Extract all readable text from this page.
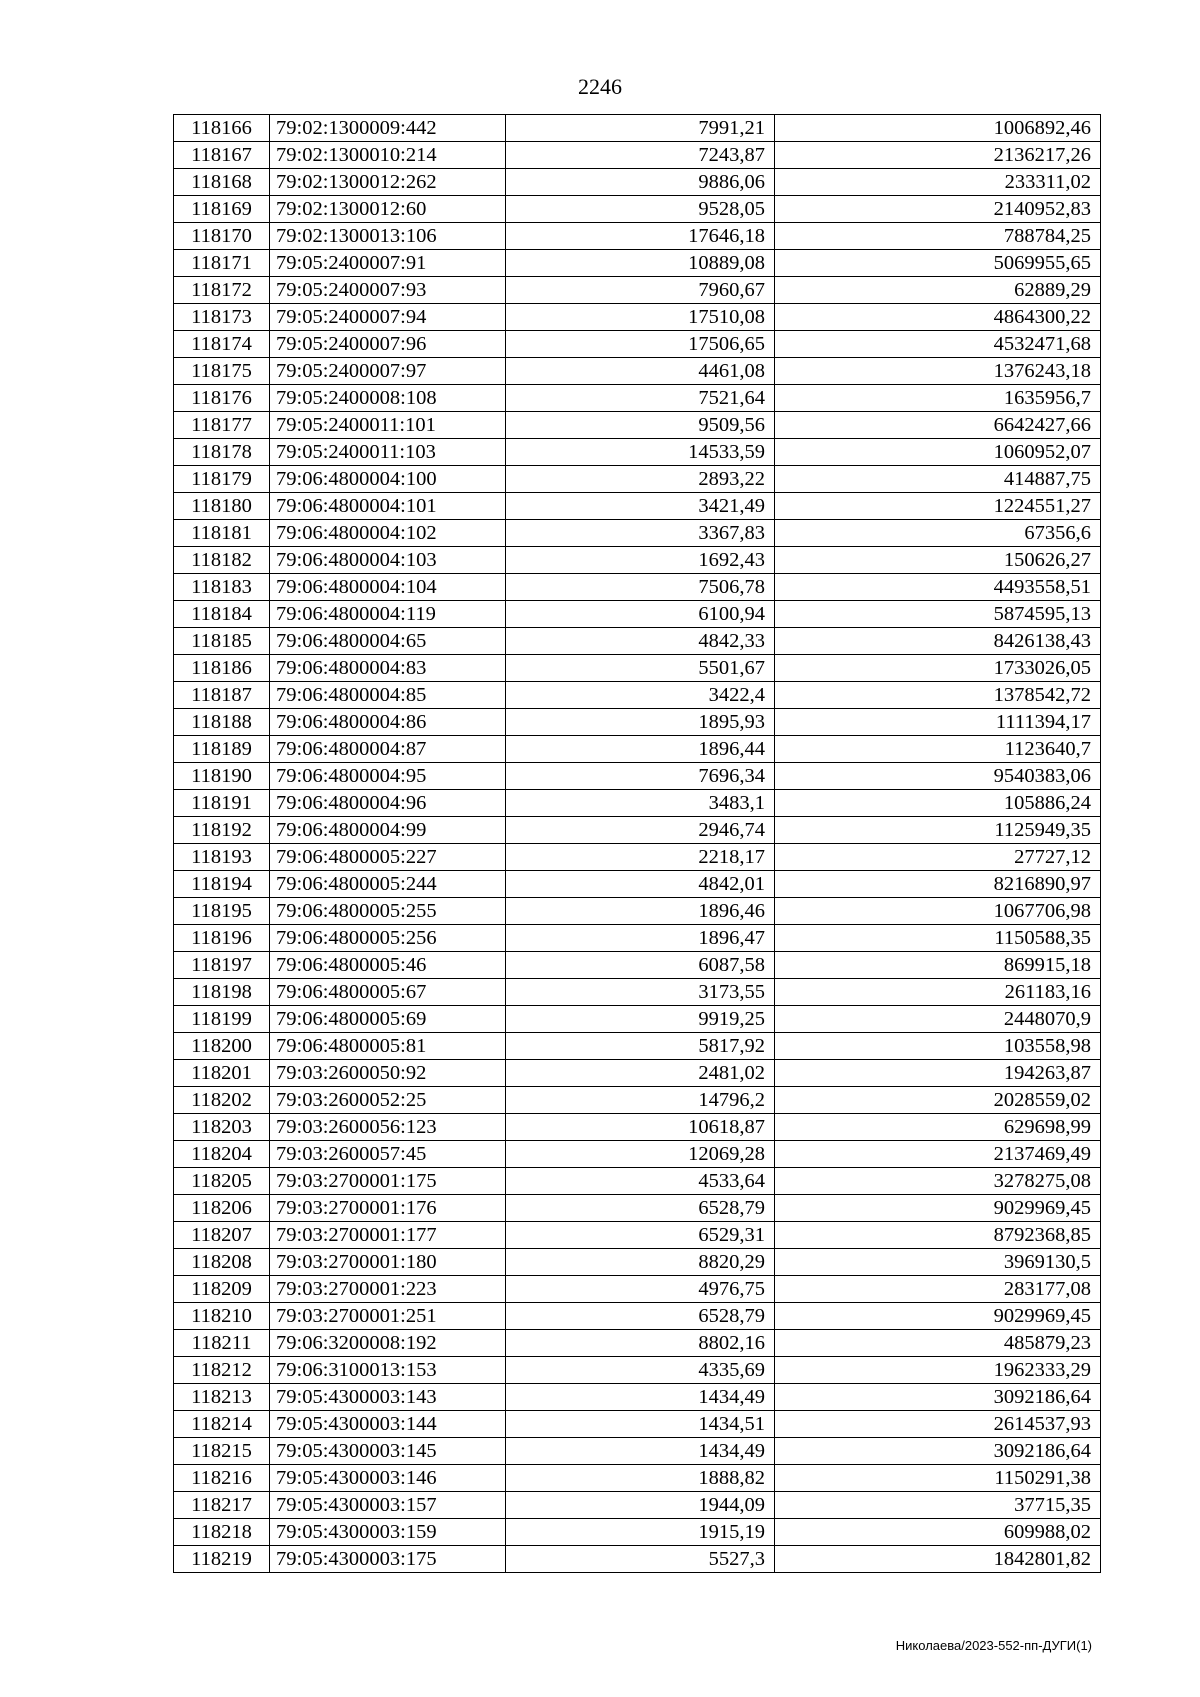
2246
118166	79:02:1300009:442	7991,21	1006892,46
118167	79:02:1300010:214	7243,87	2136217,26
118168	79:02:1300012:262	9886,06	233311,02
118169	79:02:1300012:60	9528,05	2140952,83
118170	79:02:1300013:106	17646,18	788784,25
118171	79:05:2400007:91	10889,08	5069955,65
118172	79:05:2400007:93	7960,67	62889,29
118173	79:05:2400007:94	17510,08	4864300,22
118174	79:05:2400007:96	17506,65	4532471,68
118175	79:05:2400007:97	4461,08	1376243,18
118176	79:05:2400008:108	7521,64	1635956,7
118177	79:05:2400011:101	9509,56	6642427,66
118178	79:05:2400011:103	14533,59	1060952,07
118179	79:06:4800004:100	2893,22	414887,75
118180	79:06:4800004:101	3421,49	1224551,27
118181	79:06:4800004:102	3367,83	67356,6
118182	79:06:4800004:103	1692,43	150626,27
118183	79:06:4800004:104	7506,78	4493558,51
118184	79:06:4800004:119	6100,94	5874595,13
118185	79:06:4800004:65	4842,33	8426138,43
118186	79:06:4800004:83	5501,67	1733026,05
118187	79:06:4800004:85	3422,4	1378542,72
118188	79:06:4800004:86	1895,93	1111394,17
118189	79:06:4800004:87	1896,44	1123640,7
118190	79:06:4800004:95	7696,34	9540383,06
118191	79:06:4800004:96	3483,1	105886,24
118192	79:06:4800004:99	2946,74	1125949,35
118193	79:06:4800005:227	2218,17	27727,12
118194	79:06:4800005:244	4842,01	8216890,97
118195	79:06:4800005:255	1896,46	1067706,98
118196	79:06:4800005:256	1896,47	1150588,35
118197	79:06:4800005:46	6087,58	869915,18
118198	79:06:4800005:67	3173,55	261183,16
118199	79:06:4800005:69	9919,25	2448070,9
118200	79:06:4800005:81	5817,92	103558,98
118201	79:03:2600050:92	2481,02	194263,87
118202	79:03:2600052:25	14796,2	2028559,02
118203	79:03:2600056:123	10618,87	629698,99
118204	79:03:2600057:45	12069,28	2137469,49
118205	79:03:2700001:175	4533,64	3278275,08
118206	79:03:2700001:176	6528,79	9029969,45
118207	79:03:2700001:177	6529,31	8792368,85
118208	79:03:2700001:180	8820,29	3969130,5
118209	79:03:2700001:223	4976,75	283177,08
118210	79:03:2700001:251	6528,79	9029969,45
118211	79:06:3200008:192	8802,16	485879,23
118212	79:06:3100013:153	4335,69	1962333,29
118213	79:05:4300003:143	1434,49	3092186,64
118214	79:05:4300003:144	1434,51	2614537,93
118215	79:05:4300003:145	1434,49	3092186,64
118216	79:05:4300003:146	1888,82	1150291,38
118217	79:05:4300003:157	1944,09	37715,35
118218	79:05:4300003:159	1915,19	609988,02
118219	79:05:4300003:175	5527,3	1842801,82
Николаева/2023-552-пп-ДУГИ(1)
